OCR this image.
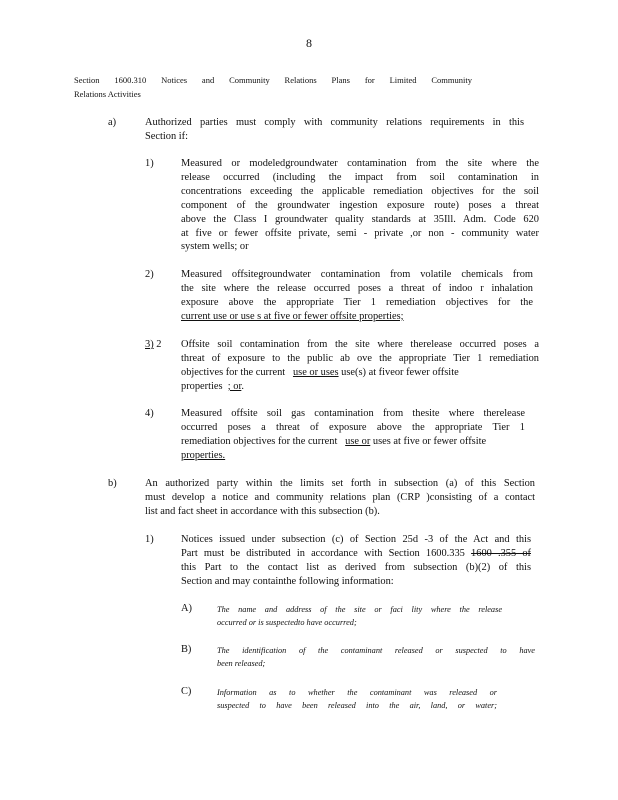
8
Section 1600.310 Notices and Community Relations Plans for Limited Community
Relations Activities
a)	Authorized parties must comply with community relations requirements in this
Section if:
1)	Measured or modeledgroundwater contamination from the site where the
release occurred (including the impact from soil contamination in
concentrations exceeding the applicable remediation objectives for the soil
component of the groundwater ingestion exposure route) poses a threat
above the Class I groundwater quality standards at 35Ill. Adm. Code 620
at five or fewer offsite private, semi - private ,or non - community water
system wells; or
2)	Measured offsitegroundwater contamination from volatile chemicals from
the site where the release occurred poses a threat of indoo r inhalation
exposure above the appropriate Tier 1 remediation objectives for the
current use or use s at five or fewer offsite properties;
3) 2 Offsite soil contamination from the site where therelease occurred poses a
threat of exposure to the public ab ove the appropriate Tier 1 remediation
objectives for the current use or uses use(s) at fiveor fewer offsite
properties ; or.
4)	Measured offsite soil gas contamination from thesite where therelease
occurred poses a threat of exposure above the appropriate Tier 1
remediation objectives for the current use or uses at five or fewer offsite
properties.
b)	An authorized party within the limits set forth in subsection (a) of this Section
must develop a notice and community relations plan (CRP )consisting of a contact
list and fact sheet in accordance with this subsection (b).
1)	Notices issued under subsection (c) of Section 25d -3 of the Act and this
Part must be distributed in accordance with Section 1600.335 1600 .355 of
this Part to the contact list as derived from subsection (b)(2) of this
Section and may containthe following information:
A)	The name and address of the site or faci lity where the release
occurred or is suspectedto have occurred;
B)	The identification of the contaminant released or suspected to have
been released;
C)	Information as to whether the contaminant was released or
suspected to have been released into the air, land, or water;
